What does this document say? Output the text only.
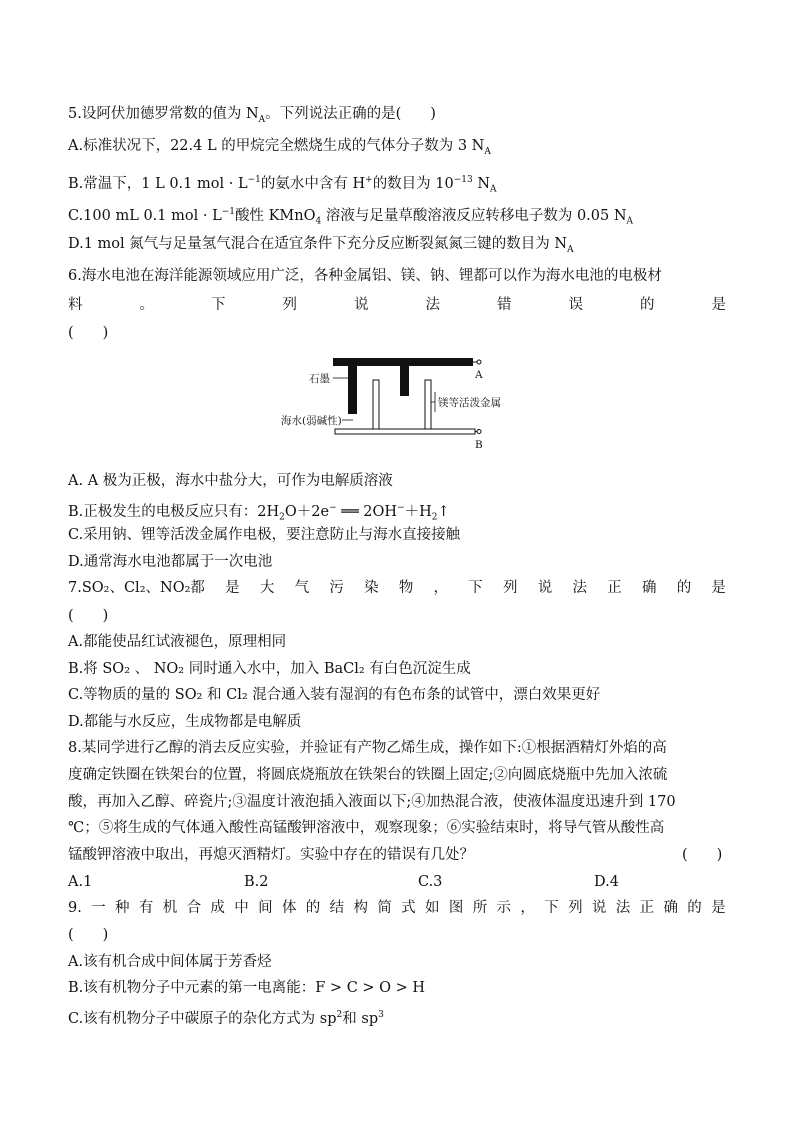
5.设阿伏加德罗常数的值为 $N_A$。下列说法正确的是(　　)
A.标准状况下，22.4 L 的甲烷完全燃烧生成的气体分子数为 3 $N_A$
B.常温下，1 L 0.1 mol · $L^{-1}$的氨水中含有 H+的数目为 $10^{-13}$ $N_A$
C.100 mL 0.1 mol · $L^{-1}$酸性 KMnO$_4$ 溶液与足量草酸溶液反应转移电子数为 0.05 $N_A$
D.1 mol 氮气与足量氢气混合在适宜条件下充分反应断裂氮氮三键的数目为 $N_A$
6.海水电池在海洋能源领域应用广泛，各种金属铝、镁、钠、锂都可以作为海水电池的电极材
料	。	下	列	说	法	错	误	的	是
(　　)
石墨
镁等活泼金属
海水(弱碱性)
A
B
A. A 极为正极，海水中盐分大，可作为电解质溶液
B.正极发生的电极反应只有：$2H_2O+2e^-$ ══ $2OH^-+H_2↑$
C.采用钠、锂等活泼金属作电极，要注意防止与海水直接接触
D.通常海水电池都属于一次电池
7.SO₂、Cl₂、NO₂都 是 大 气 污 染 物 ， 下 列 说 法 正 确 的 是
(　　)
A.都能使品红试液褪色，原理相同
B.将 SO₂ 、 NO₂ 同时通入水中，加入 BaCl₂ 有白色沉淀生成
C.等物质的量的 SO₂ 和 Cl₂ 混合通入装有湿润的有色布条的试管中，漂白效果更好
D.都能与水反应，生成物都是电解质
8.某同学进行乙醇的消去反应实验，并验证有产物乙烯生成，操作如下:①根据酒精灯外焰的高
度确定铁圈在铁架台的位置，将圆底烧瓶放在铁架台的铁圈上固定;②向圆底烧瓶中先加入浓硫
酸，再加入乙醇、碎瓷片;③温度计液泡插入液面以下;④加热混合液，使液体温度迅速升到 170
℃；⑤将生成的气体通入酸性高锰酸钾溶液中，观察现象；⑥实验结束时，将导气管从酸性高
锰酸钾溶液中取出，再熄灭酒精灯。实验中存在的错误有几处？	(　　)
A.1	B.2	C.3	D.4
9. 一 种 有 机 合 成 中 间 体 的 结 构 简 式 如 图 所 示 ， 下 列 说 法 正 确 的 是
(　　)
A.该有机合成中间体属于芳香烃
B.该有机物分子中元素的第一电离能：F > C > O > H
C.该有机物分子中碳原子的杂化方式为 $sp^2$和 $sp^3$
